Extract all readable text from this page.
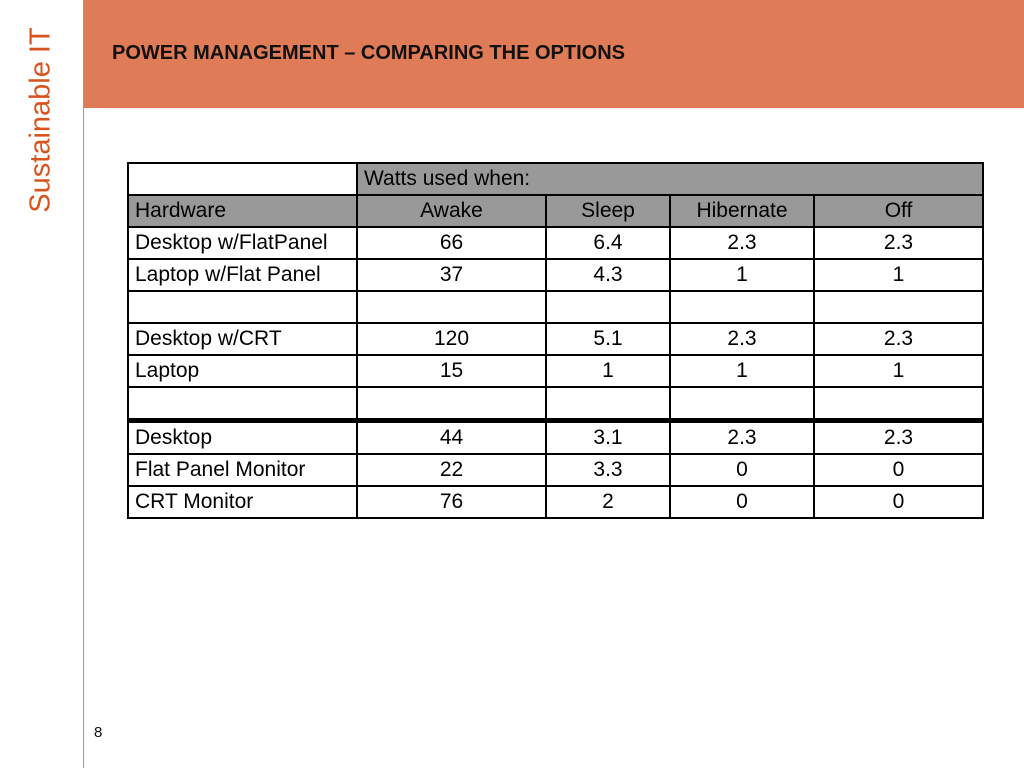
Sustainable IT	POWER MANAGEMENT – COMPARING THE OPTIONS
	Watts used when:			
Hardware	Awake	Sleep	Hibernate	Off
Desktop w/FlatPanel	66	6.4	2.3	2.3
Laptop w/Flat Panel	37	4.3	1	1

Desktop w/CRT	120	5.1	2.3	2.3
Laptop	15	1	1	1

Desktop	44	3.1	2.3	2.3
Flat Panel Monitor	22	3.3	0	0
CRT Monitor	76	2	0	0
8
